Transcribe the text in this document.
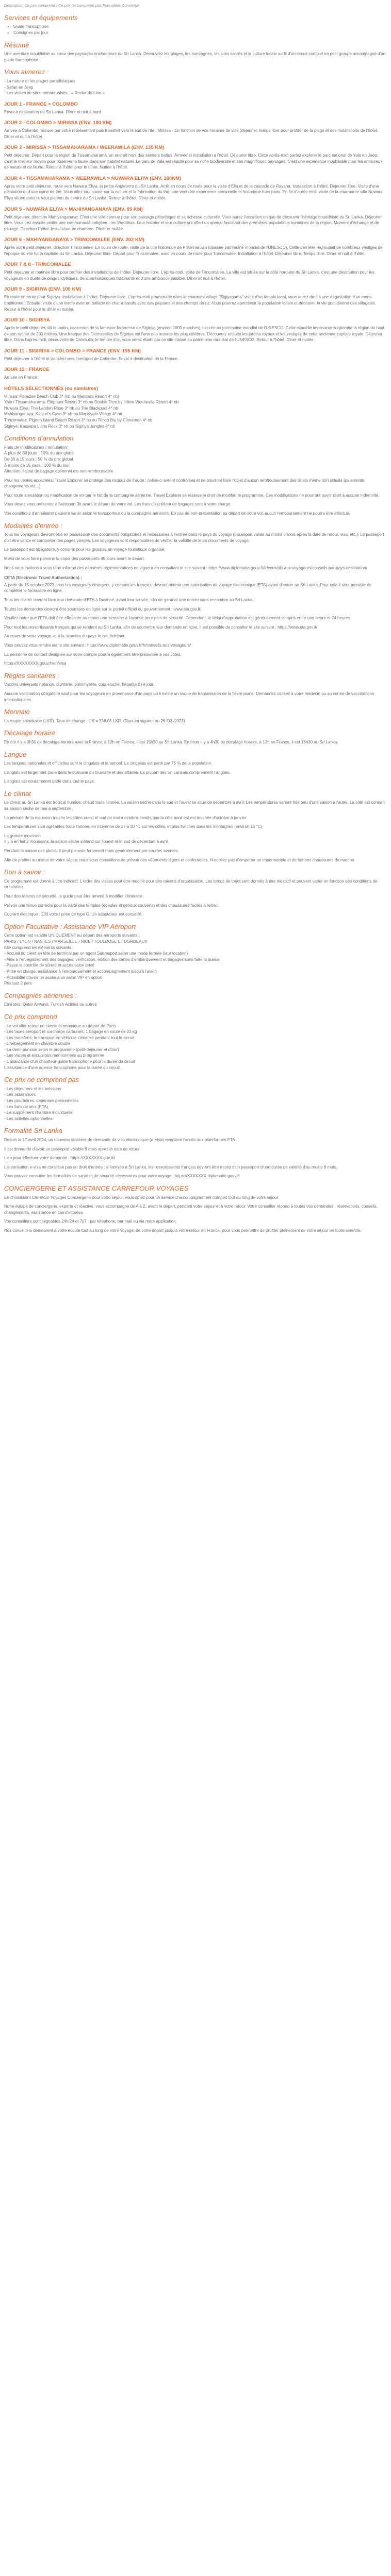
Description Ce prix comprend / Ce prix ne comprend pas Formalités Concierge

Services et équipements
• Guide francophone
• Consignes par jour
Résumé

Une aventure inoubliable au cœur des paysages enchanteurs du Sri Lanka. Découvrez les plages, les montagnes, les sites sacrés et la culture locale au fil d'un circuit complet en petit groupe accompagné d'un guide francophone.

Vous aimerez :

- La nature et les plages paradisiaques

- Safari en Jeep

- Les visites de sites remarquables : « Roche du Lion »

JOUR 1 - FRANCE > COLOMBO

Envol à destination du Sri Lanka. Dîner et nuit à bord.

JOUR 2 - COLOMBO > MIRISSA (ENV. 180 KM)

Arrivée à Colombo, accueil par votre représentant puis transfert vers le sud de l'île : Mirissa - En fonction de vos horaires de vols (déjeuner, temps libre pour profiter de la plage et des installations de l'hôtel. Dîner et nuit à l'hôtel.

JOUR 3 - MIRISSA > TISSAMAHARAMA / WEERAWILA (ENV. 135 KM)

Petit déjeuner. Départ pour la région de Tissamaharama, un endroit hors des sentiers battus. Arrivée et installation à l'hôtel. Déjeuner libre. Cette après-midi partez explorer le parc national de Yala en Jeep, c'est le meilleur moyen pour observer la faune dans son habitat naturel. Le parc de Yala est réputé pour sa riche biodiversité et ses magnifiques paysages. C'est une expérience inoubliable pour les amoureux de nature et de faune. Retour à l'hôtel pour le dîner. Nuitée à l'hôtel.

JOUR 4 - TISSAMAHARAMA > WEERAWILA > NUWARA ELIYA (ENV. 180KM)

Après votre petit déjeuner, route vers Nuwara Eliya, la petite Angleterre du Sri Lanka. Arrêt en cours de route pour la visite d'Ella et de la cascade de Ravana. Installation à l'hôtel. Déjeuner libre. Visite d'une plantation et d'une usine de thé. Vous allez tout savoir sur la culture et la fabrication du thé, une véritable expérience sensorielle et historique hors pairs. En fin d'après-midi, visite de la charmante ville Nuwara Eliya située dans le haut plateau du centre du Sri Lanka. Retour à l'hôtel. Dîner et nuitée.

JOUR 5 - NUWARA ELIYA > MAHIYANGANAYA (ENV. 95 KM)

Petit déjeuner, direction Mahiyanganaya. C'est une ville connue pour son passage pittoresque et sa richesse culturelle. Vous aurez l'occasion unique de découvrir l'héritage bouddhiste du Sri Lanka. Déjeuner libre. Vous irez ensuite visiter une communauté indigène : les Weddhas. Leur histoire et leur culture ont offert un aperçu fascinant des premières populations humaines de la région. Moment d'échange et de partage. Direction l'hôtel. Installation en chambre. Dîner et nuitée.

JOUR 6 - MAHIYANGANAYA > TRINCOMALEE (ENV. 202 KM)

Après votre petit déjeuner, direction Trincomalee. En cours de route, visite de la cité historique de Polonnaruwa (classée patrimoine mondial de l'UNESCO). Cette dernière regroupait de nombreux vestiges de l'époque où elle fut la capitale du Sri Lanka. Déjeuner libre. Départ pour Trincomalee, avec en cours de route pour Trincomalee. Installation à l'hôtel. Déjeuner libre. Temps libre. Dîner et nuit à l'hôtel.

JOUR 7 & 8 - TRINCOMALEE

Petit déjeuner et matinée libre pour profiter des installations de l'hôtel. Déjeuner libre. L'après-midi, visite de Trincomalee. La ville est située sur la côte nord-est du Sri Lanka, c'est une destination pour les voyageurs en quête de plages idylliques, de sites historiques fascinants et d'une ambiance paisible. Dîner et nuit à l'hôtel.

JOUR 9 - SIGIRIYA (ENV. 100 KM)

En route en route pour Sigiriya. Installation à l'hôtel. Déjeuner libre. L'après-midi promenade dans le charmant village "Sigiyagama" visite d'un temple local, vous aurez droit à une dégustation d'un menu traditionnel. Ensuite, visite d'une ferme avec un ballade en char à bœufs avec des paysans et des champs de riz. Vous pourrez apercevoir la population locale et découvrir la vie quotidienne des villageois. Retour à l'hôtel pour le dîner et nuitée.

JOUR 10 - SIGIRIYA

Après le petit déjeuner, tôt le matin, ascension de la fameuse forteresse de Sigiriya (environ 1000 marches) classée au patrimoine mondial de l'UNESCO. Cette citadelle imposante surplombe la région du haut de son rocher de 200 mètres. Une fresque des Demoiselles de Sigiriya est l'une des œuvres les plus célèbres. Découvrez ensuite les jardins royaux et les vestiges de cette ancienne capitale royale. Déjeuner libre. Dans l'après-midi, découverte de Dambulla, le temple d'or, vous serez ébahi par ce site classé au patrimoine mondial de l'UNESCO. Retour à l'hôtel. Dîner et nuitée.

JOUR 11 - SIGIRIYA > COLOMBO > FRANCE (ENV. 155 KM)

Petit déjeuner à l'hôtel et transfert vers l'aéroport de Colombo. Envol à destination de la France.

JOUR 12 : FRANCE

Arrivée en France.

HÔTELS SÉLECTIONNÉS (ou similaires)

Mirissa: Paradise Beach Club 3* (nb ou Mandara Resort 4* nb)

Yala / Tissamaharama: Elephant Resort 3* nb ou Double Tree by Hilton Weerawila Resort 4* nb

Nuwara Eliya: The Landen Rose 3* nb ou The Blackpool 4* nb

Mahiyanganaya: Kassel's Casa 3* nb ou Mapitiyala Village 4* nb

Trincomalee: Pigeon Island Beach Resort 3* nb ou Trinco Blu by Cinnamon 4* nb

Sigiriya: Kassapa Lions Rock 3* nb ou Sigiriya Jungles 4* nb

Conditions d'annulation

Frais de modifications / annulation:

À plus de 30 jours : 10% du prix global

De 30 à 15 jours : 50 % du prix global

À moins de 15 jours : 100 % du tour

Attention, l'ajout de bagage optionnel est non remboursable.

Pour les ventes acceptées, Travel Explorer se protège des risques de fraude ; celles-ci seront contrôlées et ne pourront faire l'objet d'aucun remboursement des billets même non utilisés (paiements, changements etc...).

Pour toute annulation ou modification de vol par le fait de la compagnie aérienne, Travel Explorer se réserve le droit de modifier le programme. Ces modifications ne pourront ouvrir droit à aucune indemnité.

Vous devez vous présenter à l'aéroport 3h avant le départ de votre vol. Les frais d'excédent de bagages sont à votre charge.

Vos conditions d'annulation peuvent varier selon le transporteur ou la compagnie aérienne. En cas de non-présentation au départ de votre vol, aucun remboursement ne pourra être effectué.

Modalités d'entrée :

Tous les voyageurs devront être en possession des documents obligatoires et nécessaires à l'entrée dans le pays du voyage (passeport valide au moins 6 mois après la date de retour, visa, etc.). Le passeport doit être valide et comporter des pages vierges. Les voyageurs sont responsables de vérifier la validité de leurs documents de voyage.

Le passeport est obligatoire, y compris pour les groupes en voyage touristique organisé.

Merci de vous faire parvenir la copie des passeports 45 jours avant le départ.

Nous vous invitons à vous tenir informé des dernières réglementations en vigueur en consultant le site suivant : https://www.diplomatie.gouv.fr/fr/conseils-aux-voyageurs/conseils-par-pays-destination/

CETA (Electronic Travel Authorization) :

À partir du 15 octobre 2023, tous les voyageurs étrangers, y compris les français, devront obtenir une autorisation de voyage électronique (ETA) avant d'entrer au Sri Lanka. Pour cela il sera possible de compléter le formulaire en ligne.

Tous les clients devront faire leur demande d'ETA à l'avance, avant leur arrivée, afin de garantir une entrée sans encombre au Sri Lanka.

Toutes les demandes devront être soumises en ligne sur le portail officiel du gouvernement : www.eta.gov.lk

Veuillez noter que l'ETA doit être effectuée au moins une semaine à l'avance pour plus de sécurité. Cependant, le délai d'approbation est généralement compris entre une heure et 24 heures.

Pour tout les ressortissants français qui se rendent au Sri Lanka, afin de soumettre leur demande en ligne, il est possible de consulter le site suivant : https://www.eta.gov.lk

Au cours de votre voyage, et à la situation du pays le cas échéant.

Vous pouvez vous rendre sur le site suivant : https://www.diplomatie.gouv.fr/fr/conseils-aux-voyageurs/

La personne de contact désignée sur votre compte pourra également être présentée à vos côtés.

https://XXXXXXXX.gouv.fr/en/visa

Règles sanitaires :

Vaccins universels (tétanos, diphtérie, poliomyélite, coqueluche, hépatite B) à jour.

Aucune vaccination obligatoire sauf pour les voyageurs en provenance d'un pays où il existe un risque de transmission de la fièvre jaune. Demandez conseil à votre médecin ou au centre de vaccinations internationales.

Monnaie

La roupie srilankaise (LKR). Taux de change : 1 € = 336.05 LKR. (Taux en vigueur au 26 /03 /2023)

Décalage horaire

En été il y a 3h30 de décalage horaire avec la France, à 12h en France, il est 15h30 au Sri Lanka. En hiver il y a 4h30 de décalage horaire, à 12h en France, il est 16h30 au Sri Lanka.

Langue

Les langues nationales et officielles sont le cingalais et le tamoul. Le cingalais est parlé par 75 % de la population.

L'anglais est largement parlé dans le domaine du tourisme et des affaires. La plupart des Sri Lankais comprennent l'anglais.

L'anglais est couramment parlé dans tout le pays.

Le climat

Le climat au Sri Lanka est tropical humide, chaud toute l'année. La saison sèche dans le sud et l'ouest se situe de décembre à avril. Les températures varient très peu d'une saison à l'autre. La côte est connaît sa saison sèche de mai à septembre.

La période de la mousson touche les côtes ouest et sud de mai à octobre, tandis que la côte nord-est est touchée d'octobre à janvier.

Les températures sont agréables toute l'année, en moyenne de 27 à 30 °C sur les côtes, et plus fraîches dans les montagnes (environ 15 °C).

La grande mousson

Il y a en fait 2 moussons, la saison sèche s'étend sur l'ouest et le sud de décembre à avril.

Pendant la saison des pluies, il peut pleuvoir fortement mais généralement par courtes averses.

Afin de profiter au mieux de votre séjour, nous vous conseillons de prévoir des vêtements légers et confortables. N'oubliez pas d'emporter un imperméable et de bonnes chaussures de marche.

Bon à savoir :

Ce programme est donné à titre indicatif. L'ordre des visites peut être modifié pour des raisons d'organisation. Les temps de trajet sont donnés à titre indicatif et peuvent varier en fonction des conditions de circulation.

Pour des raisons de sécurité, le guide peut être amené à modifier l'itinéraire.

Prévoir une tenue correcte pour la visite des temples (épaules et genoux couverts) et des chaussures faciles à retirer.

Courant électrique : 230 volts / prise de type G. Un adaptateur est conseillé.

Option Facultative : Assistance VIP Aéroport

Cette option est valable UNIQUEMENT au départ des aéroports suivants :

PARIS / LYON / NANTES / MARSEILLE / NICE / TOULOUSE ET BORDEAUX

Elle comprend les éléments suivants :

- Accueil du client en tête de terminal par un agent Sabresport selon une mode fermée (leur location)

- Aide à l'enregistrement des bagages, vérification, édition des cartes d'embarquement et bagages sans faire la queue

- Passe le contrôle de sûreté et accès salon privé

- Prise en charge, assistance à l'embarquement et accompagnement jusqu'à l'avion

- Possibilité d'avoir un accès à un salon VIP en option

Prix tout 2 pers

Compagnies aériennes :

Emirates, Qatar Airways, Turkish Airlines ou autres

Ce prix comprend

- Le vol aller-retour en classe économique au départ de Paris

- Les taxes aéroport et surcharge carburant, 1 bagage en soute de 23 kg

- Les transferts, le transport en véhicule climatisé pendant tout le circuit

- L'hébergement en chambre double

- La demi-pension selon le programme (petit-déjeuner et dîner)

- Les visites et excursions mentionnées au programme

- L'assistance d'un chauffeur-guide francophone pour la durée du circuit

L'assistance d'une agence francophone pour la durée du circuit.

Ce prix ne comprend pas

- Les déjeuners et les boissons

- Les assurances

- Les pourboires, dépenses personnelles

- Les frais de visa (ETA)

- Le supplément chambre individuelle

- Les activités optionnelles

Formalité Sri Lanka

Depuis le 17 avril 2024, un nouveau système de demande de visa électronique (e-Visa) remplace l'accès aux plateformes ETA.

Il est demandé d'avoir un passeport valable 6 mois après la date de retour.

Lien pour effectuer votre demande : https://XXXXXXX.gov.lk/

L'autorisation e-visa ne constitue pas un droit d'entrée : à l'arrivée à Sri Lanka, les ressortissants français devront être munis d'un passeport d'une durée de validité d'au moins 6 mois.

Vous pouvez consulter les formalités de santé et de sécurité nécessaires pour votre voyage : https://XXXXXXX.diplomatie.gouv.fr

CONCIERGERIE ET ASSISTANCE CARREFOUR VOYAGES

En choisissant Carrefour Voyages Conciergerie pour votre séjour, vous optez pour un service d'accompagnement complet tout au long de votre séjour.

Notre équipe de conciergerie, experte et réactive, vous accompagne de A à Z, avant le départ, pendant votre séjour et à votre retour. Votre conseiller répond à toutes vos demandes : réservations, conseils, changements, assistance en cas d'imprévu.

Vos conseillers sont joignables 24h/24 et 7j/7 : par téléphone, par mail ou via notre application.

Nos conseillers demeurent à votre écoute tout au long de votre voyage, de votre départ jusqu'à votre retour en France, pour vous permettre de profiter pleinement de votre séjour en toute sérénité.
